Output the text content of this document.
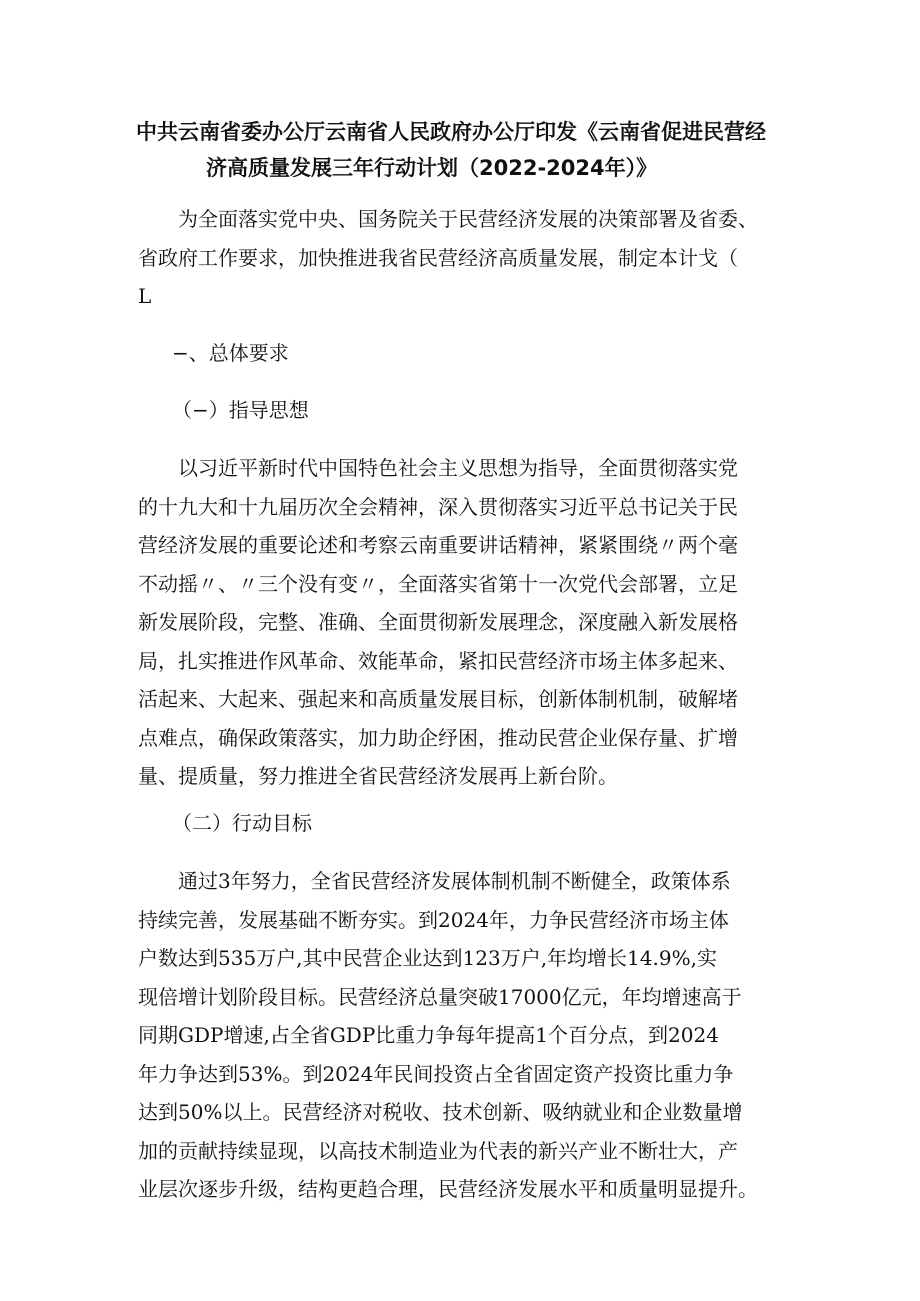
中共云南省委办公厅云南省人民政府办公厅印发《云南省促进民营经
济高质量发展三年行动计划（2022-2024年）》
为全面落实党中央、国务院关于民营经济发展的决策部署及省委、
省政府工作要求，加快推进我省民营经济高质量发展，制定本计戈（
L
−、总体要求
（−）指导思想
以习近平新时代中国特色社会主义思想为指导，全面贯彻落实党
的十九大和十九届历次全会精神，深入贯彻落实习近平总书记关于民
营经济发展的重要论述和考察云南重要讲话精神，紧紧围绕〃两个毫
不动摇〃、〃三个没有变〃，全面落实省第十一次党代会部署，立足
新发展阶段，完整、准确、全面贯彻新发展理念，深度融入新发展格
局，扎实推进作风革命、效能革命，紧扣民营经济市场主体多起来、
活起来、大起来、强起来和高质量发展目标，创新体制机制，破解堵
点难点，确保政策落实，加力助企纾困，推动民营企业保存量、扩增
量、提质量，努力推进全省民营经济发展再上新台阶。
（二）行动目标
通过3年努力，全省民营经济发展体制机制不断健全，政策体系
持续完善，发展基础不断夯实。到2024年，力争民营经济市场主体
户数达到535万户,其中民营企业达到123万户,年均增长14.9%,实
现倍增计划阶段目标。民营经济总量突破17000亿元，年均增速高于
同期GDP增速,占全省GDP比重力争每年提高1个百分点，到2024
年力争达到53%。到2024年民间投资占全省固定资产投资比重力争
达到50%以上。民营经济对税收、技术创新、吸纳就业和企业数量增
加的贡献持续显现，以高技术制造业为代表的新兴产业不断壮大，产
业层次逐步升级，结构更趋合理，民营经济发展水平和质量明显提升。
